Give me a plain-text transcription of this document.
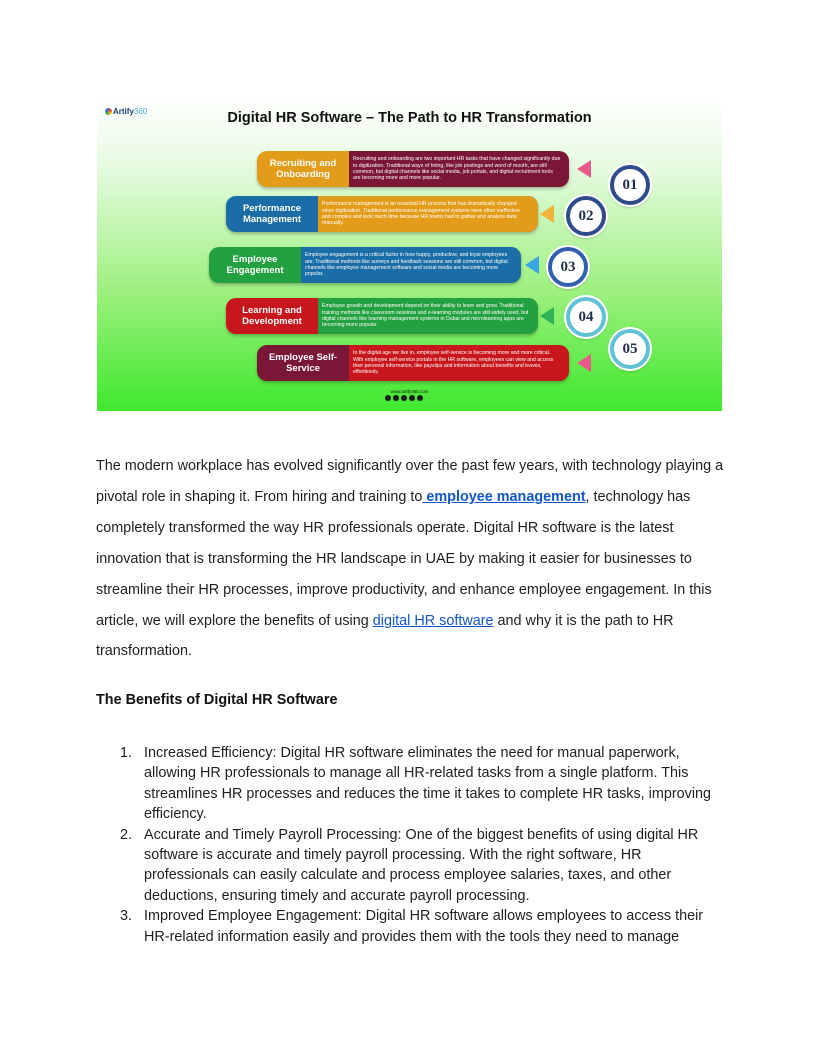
Artify360	Digital HR Software – The Path to HR Transformation
Recruiting and Onboarding
Recruiting and onboarding are two important HR tasks that have changed significantly due to digitization. Traditional ways of hiring, like job postings and word of mouth, are still common, but digital channels like social media, job portals, and digital recruitment tools are becoming more and more popular.
Performance Management
Performance management is an essential HR process that has dramatically changed since digitization. Traditional performance management systems were often ineffective and complex and took much time because HR teams had to gather and analyze data manually.
Employee Engagement
Employee engagement is a critical factor in how happy, productive, and loyal employees are. Traditional methods like surveys and feedback sessions are still common, but digital channels like employee management software and social media are becoming more popular.
Learning and Development
Employee growth and development depend on their ability to learn and grow. Traditional training methods like classroom sessions and e-learning modules are still widely used, but digital channels like learning management systems in Dubai and microlearning apps are becoming more popular.
Employee Self-Service
In the digital age we live in, employee self-service is becoming more and more critical. With employee self-service portals in the HR software, employees can view and access their personal information, like payslips and information about benefits and leaves, effortlessly.
01
02
03
04
05
www.artify360.com

The modern workplace has evolved significantly over the past few years, with technology playing a pivotal role in shaping it. From hiring and training to employee management, technology has completely transformed the way HR professionals operate. Digital HR software is the latest innovation that is transforming the HR landscape in UAE by making it easier for businesses to streamline their HR processes, improve productivity, and enhance employee engagement. In this article, we will explore the benefits of using digital HR software and why it is the path to HR transformation.

The Benefits of Digital HR Software
1. Increased Efficiency: Digital HR software eliminates the need for manual paperwork, allowing HR professionals to manage all HR-related tasks from a single platform. This streamlines HR processes and reduces the time it takes to complete HR tasks, improving efficiency.
2. Accurate and Timely Payroll Processing: One of the biggest benefits of using digital HR software is accurate and timely payroll processing. With the right software, HR professionals can easily calculate and process employee salaries, taxes, and other deductions, ensuring timely and accurate payroll processing.
3. Improved Employee Engagement: Digital HR software allows employees to access their HR-related information easily and provides them with the tools they need to manage
